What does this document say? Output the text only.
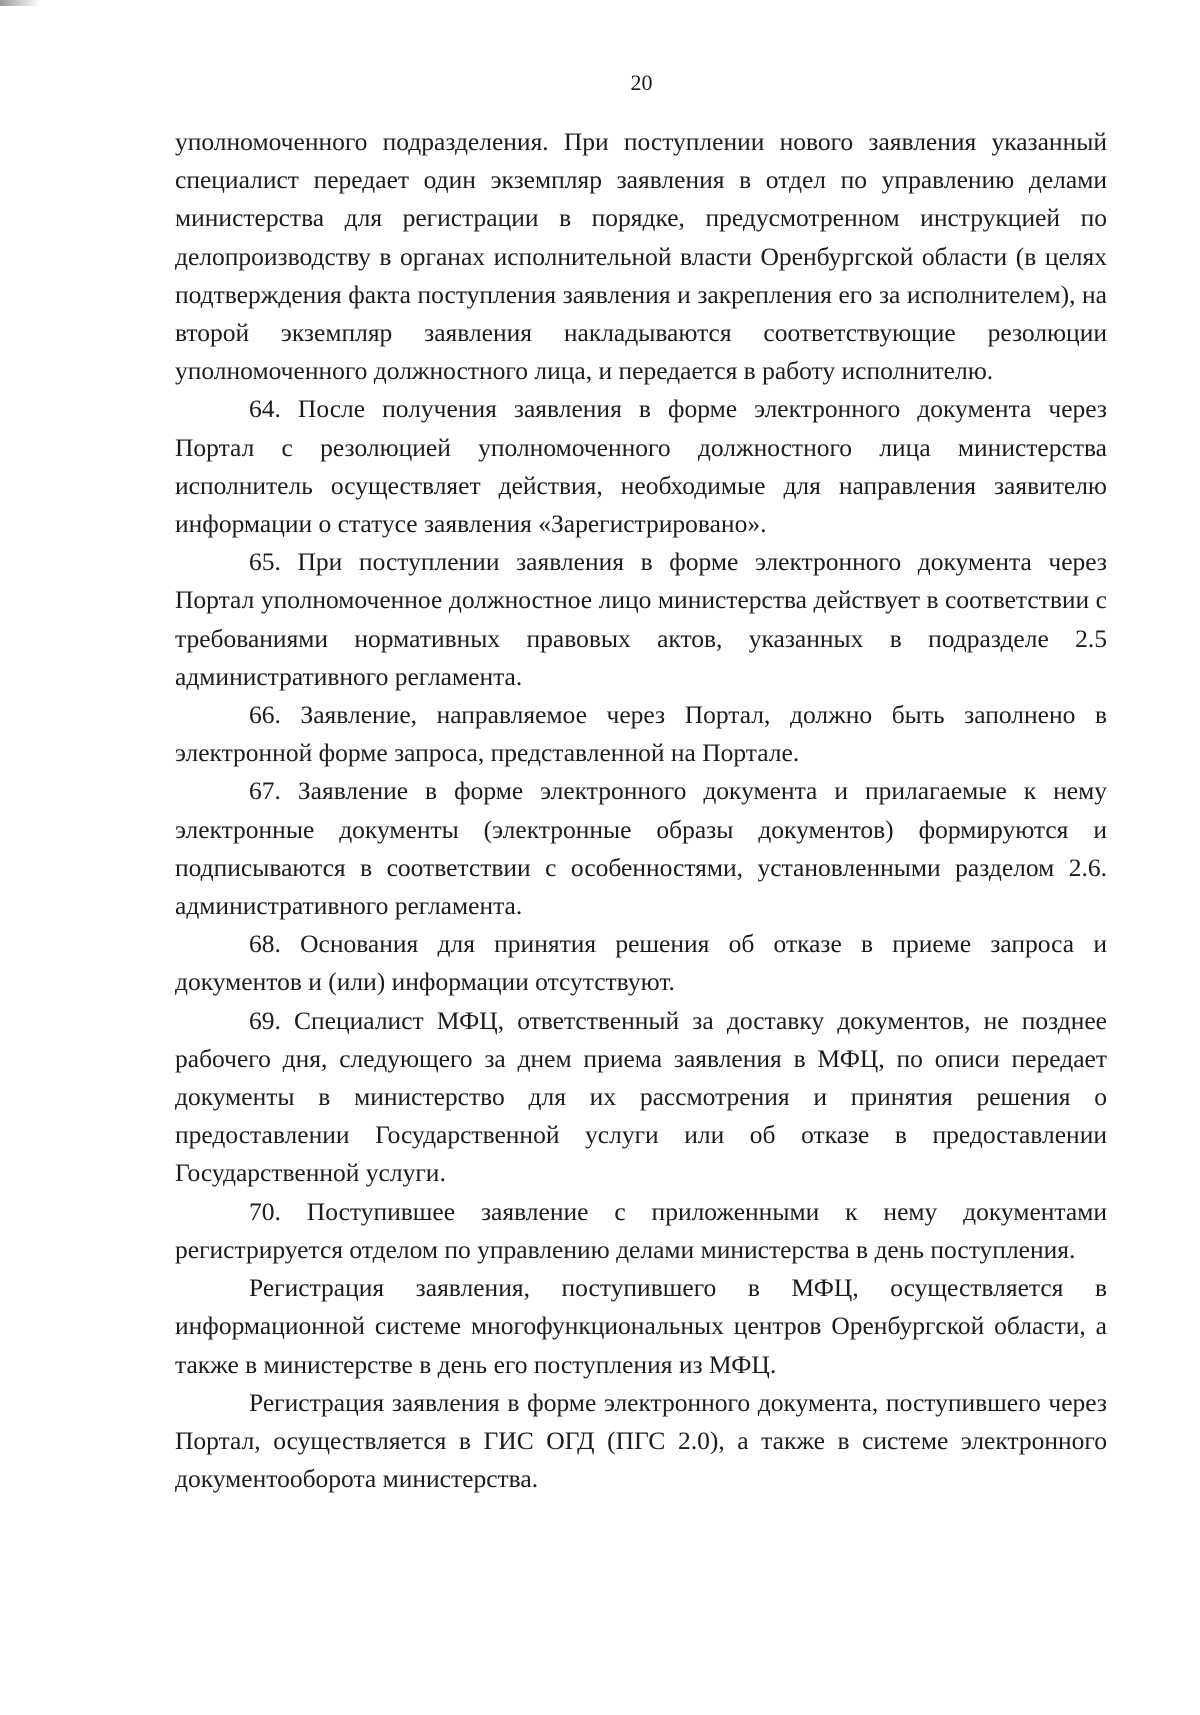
20

уполномоченного подразделения. При поступлении нового заявления указанный специалист передает один экземпляр заявления в отдел по управлению делами министерства для регистрации в порядке, предусмотренном инструкцией по делопроизводству в органах исполнительной власти Оренбургской области (в целях подтверждения факта поступления заявления и закрепления его за исполнителем), на второй экземпляр заявления накладываются соответствующие резолюции уполномоченного должностного лица, и передается в работу исполнителю.

64. После получения заявления в форме электронного документа через Портал с резолюцией уполномоченного должностного лица министерства исполнитель осуществляет действия, необходимые для направления заявителю информации о статусе заявления «Зарегистрировано».

65. При поступлении заявления в форме электронного документа через Портал уполномоченное должностное лицо министерства действует в соответствии с требованиями нормативных правовых актов, указанных в подразделе 2.5 административного регламента.

66. Заявление, направляемое через Портал, должно быть заполнено в электронной форме запроса, представленной на Портале.

67. Заявление в форме электронного документа и прилагаемые к нему электронные документы (электронные образы документов) формируются и подписываются в соответствии с особенностями, установленными разделом 2.6. административного регламента.

68. Основания для принятия решения об отказе в приеме запроса и документов и (или) информации отсутствуют.

69. Специалист МФЦ, ответственный за доставку документов, не позднее рабочего дня, следующего за днем приема заявления в МФЦ, по описи передает документы в министерство для их рассмотрения и принятия решения о предоставлении Государственной услуги или об отказе в предоставлении Государственной услуги.

70. Поступившее заявление с приложенными к нему документами регистрируется отделом по управлению делами министерства в день поступления.

Регистрация заявления, поступившего в МФЦ, осуществляется в информационной системе многофункциональных центров Оренбургской области, а также в министерстве в день его поступления из МФЦ.

Регистрация заявления в форме электронного документа, поступившего через Портал, осуществляется в ГИС ОГД (ПГС 2.0), а также в системе электронного документооборота министерства.
